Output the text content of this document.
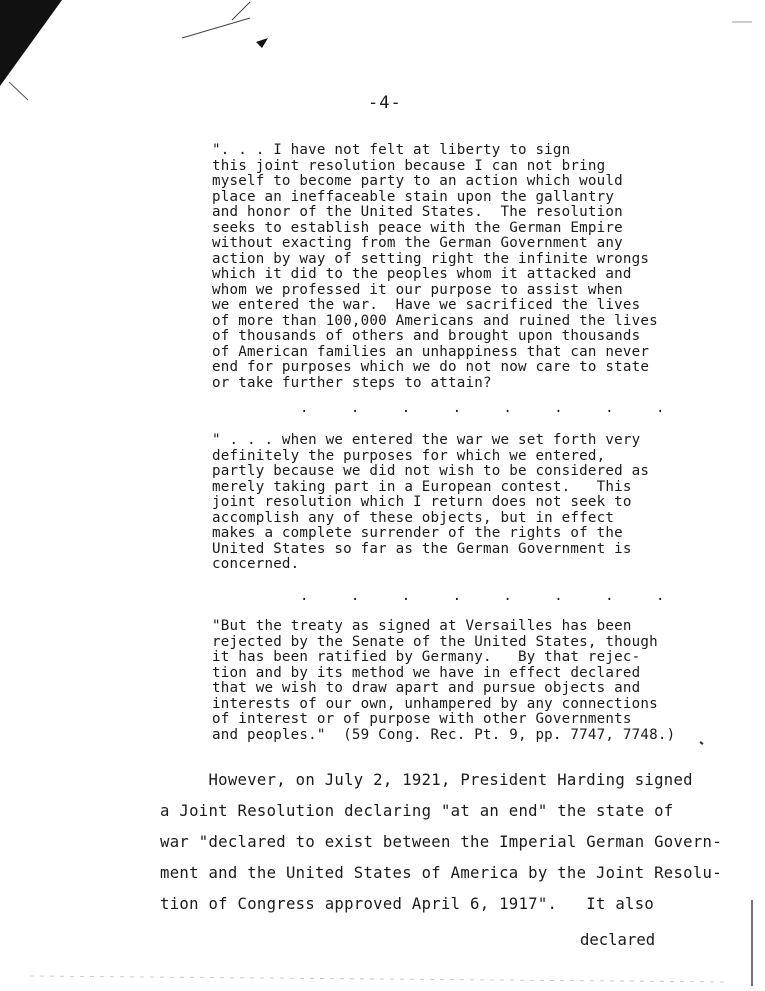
-4-
". . . I have not felt at liberty to sign
this joint resolution because I can not bring
myself to become party to an action which would
place an ineffaceable stain upon the gallantry
and honor of the United States.  The resolution
seeks to establish peace with the German Empire
without exacting from the German Government any
action by way of setting right the infinite wrongs
which it did to the peoples whom it attacked and
whom we professed it our purpose to assist when
we entered the war.  Have we sacrificed the lives
of more than 100,000 Americans and ruined the lives
of thousands of others and brought upon thousands
of American families an unhappiness that can never
end for purposes which we do not now care to state
or take further steps to attain?
. . . . . . . .
" . . . when we entered the war we set forth very
definitely the purposes for which we entered,
partly because we did not wish to be considered as
merely taking part in a European contest.   This
joint resolution which I return does not seek to
accomplish any of these objects, but in effect
makes a complete surrender of the rights of the
United States so far as the German Government is
concerned.
. . . . . . . .
"But the treaty as signed at Versailles has been
rejected by the Senate of the United States, though
it has been ratified by Germany.   By that rejec-
tion and by its method we have in effect declared
that we wish to draw apart and pursue objects and
interests of our own, unhampered by any connections
of interest or of purpose with other Governments
and peoples."  (59 Cong. Rec. Pt. 9, pp. 7747, 7748.)
However, on July 2, 1921, President Harding signed
a Joint Resolution declaring "at an end" the state of
war "declared to exist between the Imperial German Govern-
ment and the United States of America by the Joint Resolu-
tion of Congress approved April 6, 1917".   It also
declared
